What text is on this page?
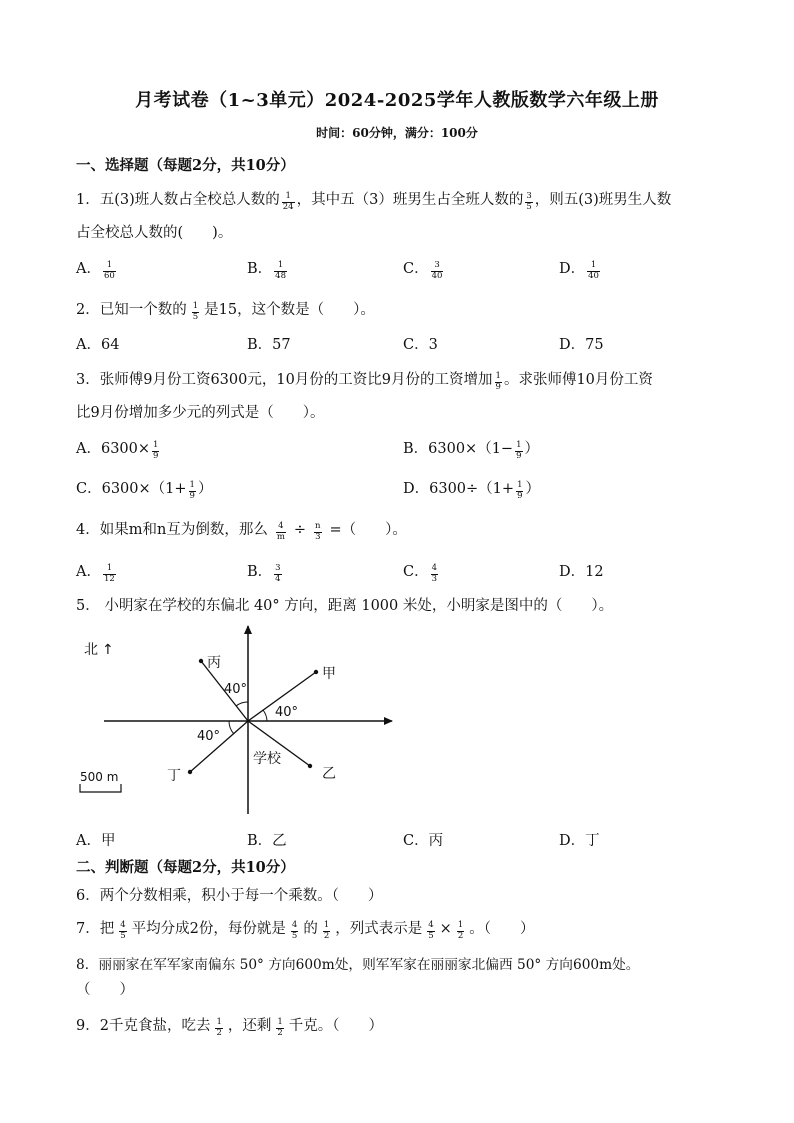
月考试卷（1~3单元）2024-2025学年人教版数学六年级上册
时间：60分钟，满分：100分
一、选择题（每题2分，共10分）
1．五(3)班人数占全校总人数的 $\frac{1}{24}$ ，其中五（3）班男生占全班人数的 $\frac{3}{5}$ ，则五(3)班男生人数
占全校总人数的(　　)。
A． $\frac{1}{60}$	B． $\frac{1}{48}$	C． $\frac{3}{40}$	D． $\frac{1}{40}$
2．已知一个数的 $\frac{1}{5}$ 是15，这个数是（　　）。
A．64	B．57	C．3	D．75
3．张师傅9月份工资6300元，10月份的工资比9月份的工资增加 $\frac{1}{9}$ 。求张师傅10月份工资
比9月份增加多少元的列式是（　　）。
A．$6300\times \frac{1}{9}$	B．$6300\times(1- \frac{1}{9}$ ）
C．$6300\times(1+ \frac{1}{9}$ ）	D．$6300\div(1+ \frac{1}{9}$ ）
4．如果m和n互为倒数，那么 $\frac{4}{m} \div \frac{n}{3}$ =（　　）。
A． $\frac{1}{12}$	B． $\frac{3}{4}$	C． $\frac{4}{3}$	D．12
5． 小明家在学校的东偏北 40° 方向，距离 1000 米处，小明家是图中的（　　）。
北 ↑
丙
甲
丁	乙
学校
40°
40°
40°
500 m
A．甲	B．乙	C．丙	D．丁
二、判断题（每题2分，共10分）
6．两个分数相乘，积小于每一个乘数。（　　）
7．把 $\frac{4}{5}$ 平均分成2份，每份就是 $\frac{4}{5}$ 的 $\frac{1}{2}$ ，列式表示是 $\frac{4}{5} \times \frac{1}{2}$ 。（　　）
8．丽丽家在军军家南偏东 50° 方向600m处，则军军家在丽丽家北偏西 50° 方向600m处。
（　　）
9．2千克食盐，吃去 $\frac{1}{2}$ ，还剩 $\frac{1}{2}$ 千克。（　　）
